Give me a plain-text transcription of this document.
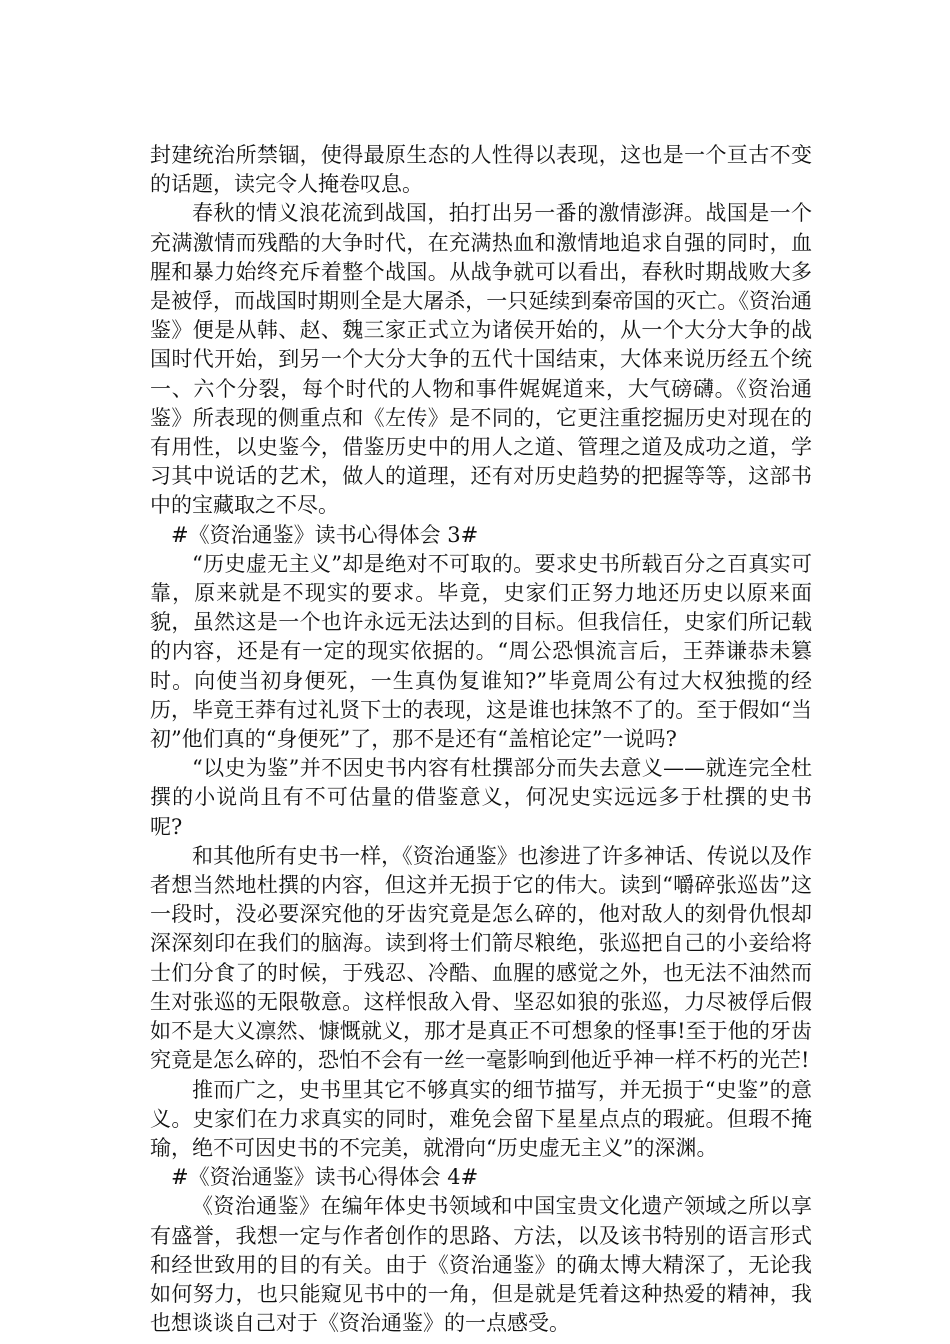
封建统治所禁锢，使得最原生态的人性得以表现，这也是一个亘古不变的话题，读完令人掩卷叹息。

春秋的情义浪花流到战国，拍打出另一番的激情澎湃。战国是一个充满激情而残酷的大争时代，在充满热血和激情地追求自强的同时，血腥和暴力始终充斥着整个战国。从战争就可以看出，春秋时期战败大多是被俘，而战国时期则全是大屠杀，一只延续到秦帝国的灭亡。《资治通鉴》便是从韩、赵、魏三家正式立为诸侯开始的，从一个大分大争的战国时代开始，到另一个大分大争的五代十国结束，大体来说历经五个统一、六个分裂，每个时代的人物和事件娓娓道来，大气磅礴。《资治通鉴》所表现的侧重点和《左传》是不同的，它更注重挖掘历史对现在的有用性，以史鉴今，借鉴历史中的用人之道、管理之道及成功之道，学习其中说话的艺术，做人的道理，还有对历史趋势的把握等等，这部书中的宝藏取之不尽。

#《资治通鉴》读书心得体会 3#

“历史虚无主义”却是绝对不可取的。要求史书所载百分之百真实可靠，原来就是不现实的要求。毕竟，史家们正努力地还历史以原来面貌，虽然这是一个也许永远无法达到的目标。但我信任，史家们所记载的内容，还是有一定的现实依据的。“周公恐惧流言后，王莽谦恭未篡时。向使当初身便死，一生真伪复谁知?”毕竟周公有过大权独揽的经历，毕竟王莽有过礼贤下士的表现，这是谁也抹煞不了的。至于假如“当初”他们真的“身便死”了，那不是还有“盖棺论定”一说吗?

“以史为鉴”并不因史书内容有杜撰部分而失去意义——就连完全杜撰的小说尚且有不可估量的借鉴意义，何况史实远远多于杜撰的史书呢?

和其他所有史书一样，《资治通鉴》也渗进了许多神话、传说以及作者想当然地杜撰的内容，但这并无损于它的伟大。读到“嚼碎张巡齿”这一段时，没必要深究他的牙齿究竟是怎么碎的，他对敌人的刻骨仇恨却深深刻印在我们的脑海。读到将士们箭尽粮绝，张巡把自己的小妾给将士们分食了的时候，于残忍、冷酷、血腥的感觉之外，也无法不油然而生对张巡的无限敬意。这样恨敌入骨、坚忍如狼的张巡，力尽被俘后假如不是大义凛然、慷慨就义，那才是真正不可想象的怪事!至于他的牙齿究竟是怎么碎的，恐怕不会有一丝一毫影响到他近乎神一样不朽的光芒!

推而广之，史书里其它不够真实的细节描写，并无损于“史鉴”的意义。史家们在力求真实的同时，难免会留下星星点点的瑕疵。但瑕不掩瑜，绝不可因史书的不完美，就滑向“历史虚无主义”的深渊。

#《资治通鉴》读书心得体会 4#

《资治通鉴》在编年体史书领域和中国宝贵文化遗产领域之所以享有盛誉，我想一定与作者创作的思路、方法，以及该书特别的语言形式和经世致用的目的有关。由于《资治通鉴》的确太博大精深了，无论我如何努力，也只能窥见书中的一角，但是就是凭着这种热爱的精神，我也想谈谈自己对于《资治通鉴》的一点感受。
